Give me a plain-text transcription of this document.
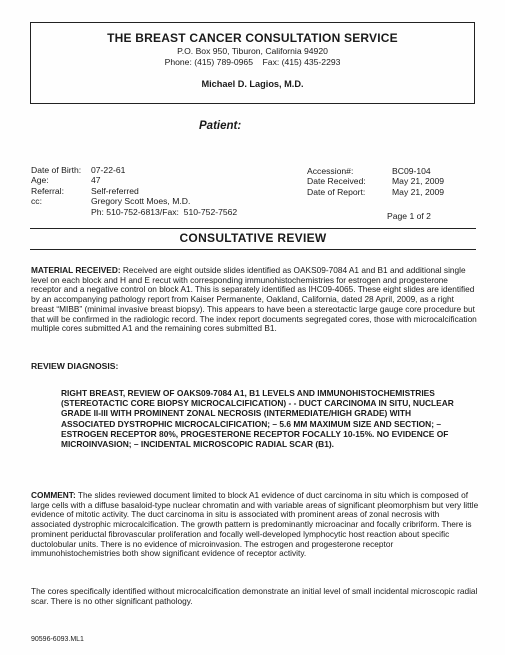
THE BREAST CANCER CONSULTATION SERVICE
P.O. Box 950, Tiburon, California 94920
Phone: (415) 789-0965    Fax: (415) 435-2293
Michael D. Lagios, M.D.
Patient:
Date of Birth:	07-22-61
Age:	47
Referral:	Self-referred
cc:	Gregory Scott Moes, M.D.
Ph: 510-752-6813/Fax:  510-752-7562
Accession#:	BC09-104
Date Received:	May 21, 2009
Date of Report:	May 21, 2009
Page 1 of 2
CONSULTATIVE REVIEW
MATERIAL RECEIVED: Received are eight outside slides identified as OAKS09-7084 A1 and B1 and additional single level on each block and H and E recut with corresponding immunohistochemistries for estrogen and progesterone receptor and a negative control on block A1. This is separately identified as IHC09-4065. These eight slides are identified by an accompanying pathology report from Kaiser Permanente, Oakland, California, dated 28 April, 2009, as a right breast “MIBB” (minimal invasive breast biopsy). This appears to have been a stereotactic large gauge core procedure but that will be confirmed in the radiologic record. The index report documents segregated cores, those with microcalcification multiple cores submitted A1 and the remaining cores submitted B1.
REVIEW DIAGNOSIS:
RIGHT BREAST, REVIEW OF OAKS09-7084 A1, B1 LEVELS AND IMMUNOHISTOCHEMISTRIES (STEREOTACTIC CORE BIOPSY MICROCALCIFICATION) - - DUCT CARCINOMA IN SITU, NUCLEAR GRADE II-III WITH PROMINENT ZONAL NECROSIS (INTERMEDIATE/HIGH GRADE) WITH ASSOCIATED DYSTROPHIC MICROCALCIFICATION; – 5.6 MM MAXIMUM SIZE AND SECTION; – ESTROGEN RECEPTOR 80%, PROGESTERONE RECEPTOR FOCALLY 10-15%. NO EVIDENCE OF MICROINVASION; – INCIDENTAL MICROSCOPIC RADIAL SCAR (B1).
COMMENT: The slides reviewed document limited to block A1 evidence of duct carcinoma in situ which is composed of large cells with a diffuse basaloid-type nuclear chromatin and with variable areas of significant pleomorphism but very little evidence of mitotic activity. The duct carcinoma in situ is associated with prominent areas of zonal necrosis with associated dystrophic microcalcification. The growth pattern is predominantly microacinar and focally cribriform. There is prominent periductal fibrovascular proliferation and focally well-developed lymphocytic host reaction about specific ductolobular units. There is no evidence of microinvasion. The estrogen and progesterone receptor immunohistochemistries both show significant evidence of receptor activity.
The cores specifically identified without microcalcification demonstrate an initial level of small incidental microscopic radial scar. There is no other significant pathology.
90596-6093.ML1
